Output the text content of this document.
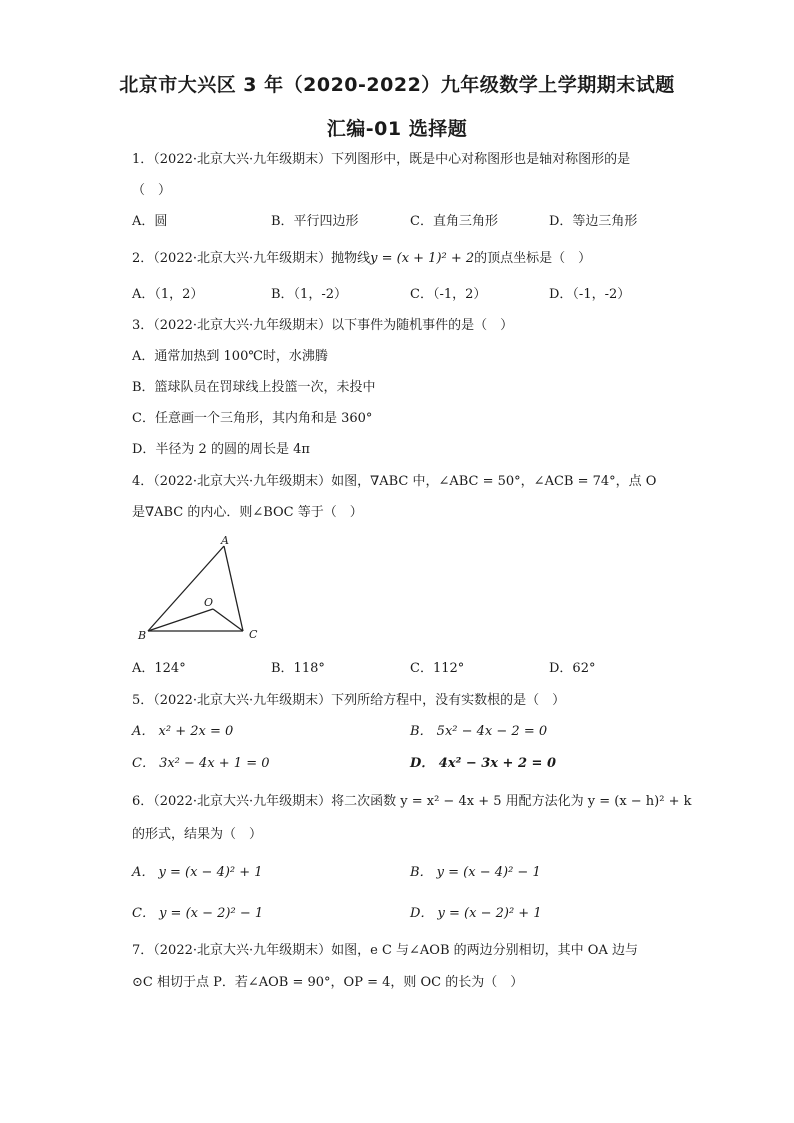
北京市大兴区 3 年（2020-2022）九年级数学上学期期末试题
汇编-01 选择题
1．（2022·北京大兴·九年级期末）下列图形中，既是中心对称图形也是轴对称图形的是
（　）
A．圆	B．平行四边形	C．直角三角形	D．等边三角形
2．（2022·北京大兴·九年级期末）抛物线y = (x + 1)² + 2的顶点坐标是（　）
A．（1，2）	B．（1，-2）	C．（-1，2）	D．（-1，-2）
3．（2022·北京大兴·九年级期末）以下事件为随机事件的是（　）
A．通常加热到 100℃时，水沸腾
B．篮球队员在罚球线上投篮一次，未投中
C．任意画一个三角形，其内角和是 360°
D．半径为 2 的圆的周长是 4π
4．（2022·北京大兴·九年级期末）如图，∇ABC 中，∠ABC = 50°，∠ACB = 74°，点 O
是∇ABC 的内心．则∠BOC 等于（　）
A
B	C
O
A．124°	B．118°	C．112°	D．62°
5．（2022·北京大兴·九年级期末）下列所给方程中，没有实数根的是（　）
A． x² + 2x = 0	B． 5x² − 4x − 2 = 0
C． 3x² − 4x + 1 = 0	D． 4x² − 3x + 2 = 0
6．（2022·北京大兴·九年级期末）将二次函数 y = x² − 4x + 5 用配方法化为 y = (x − h)² + k
的形式，结果为（　）
A． y = (x − 4)² + 1	B． y = (x − 4)² − 1
C． y = (x − 2)² − 1	D． y = (x − 2)² + 1
7．（2022·北京大兴·九年级期末）如图，e C 与∠AOB 的两边分别相切，其中 OA 边与
⊙C 相切于点 P．若∠AOB = 90°，OP = 4，则 OC 的长为（　）
